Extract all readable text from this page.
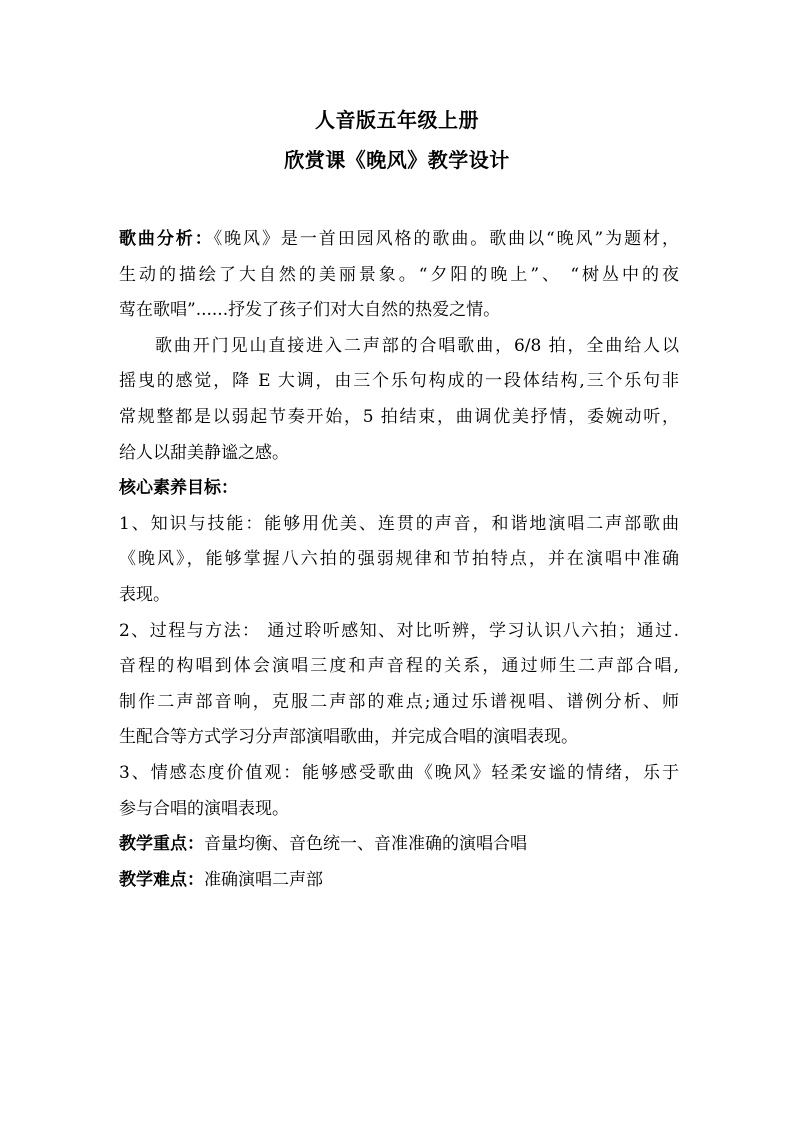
人音版五年级上册
欣赏课《晚风》教学设计
歌曲分析：《晚风》是一首田园风格的歌曲。歌曲以“晚风”为题材，
生动的描绘了大自然的美丽景象。“夕阳的晚上”、 “树丛中的夜
莺在歌唱”......抒发了孩子们对大自然的热爱之情。
歌曲开门见山直接进入二声部的合唱歌曲，6/8 拍，全曲给人以
摇曳的感觉，降 E 大调，由三个乐句构成的一段体结构,三个乐句非
常规整都是以弱起节奏开始，5 拍结束，曲调优美抒情，委婉动听，
给人以甜美静谧之感。
核心素养目标：
1、知识与技能：能够用优美、连贯的声音，和谐地演唱二声部歌曲
《晚风》，能够掌握八六拍的强弱规律和节拍特点，并在演唱中准确
表现。
2、过程与方法： 通过聆听感知、对比听辨，学习认识八六拍；通过.
音程的构唱到体会演唱三度和声音程的关系，通过师生二声部合唱,
制作二声部音响，克服二声部的难点;通过乐谱视唱、谱例分析、师
生配合等方式学习分声部演唱歌曲，并完成合唱的演唱表现。
3、情感态度价值观：能够感受歌曲《晚风》轻柔安谧的情绪，乐于
参与合唱的演唱表现。
教学重点：音量均衡、音色统一、音准准确的演唱合唱
教学难点：准确演唱二声部
